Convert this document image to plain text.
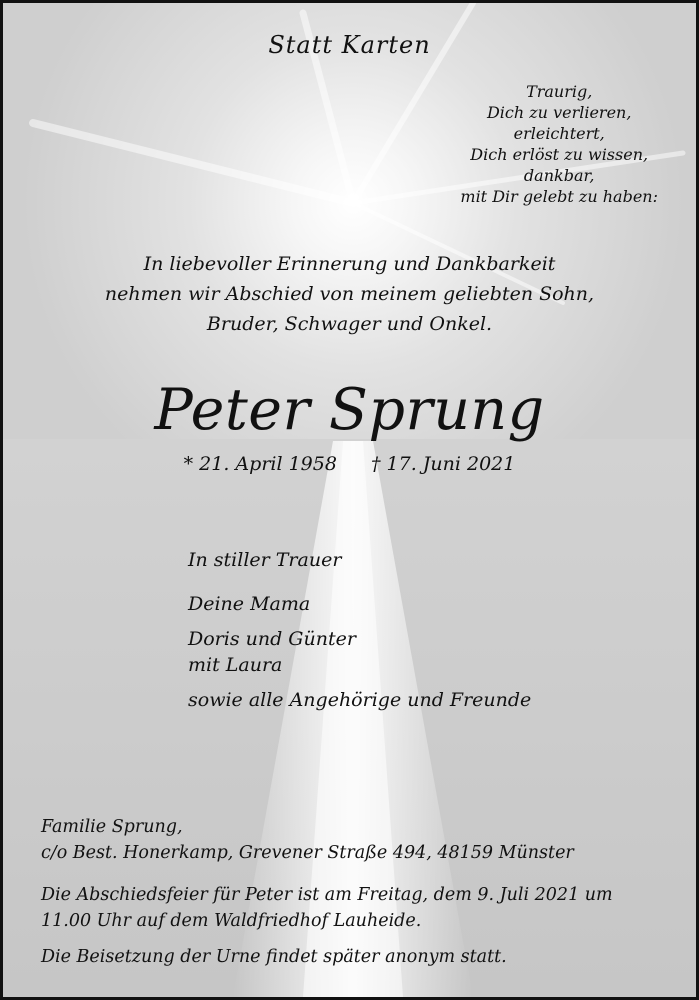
Statt Karten
Traurig,
Dich zu verlieren,
erleichtert,
Dich erlöst zu wissen,
dankbar,
mit Dir gelebt zu haben:
In liebevoller Erinnerung und Dankbarkeit
nehmen wir Abschied von meinem geliebten Sohn,
Bruder, Schwager und Onkel.
Peter Sprung
* 21. April 1958 † 17. Juni 2021
In stiller Trauer
Deine Mama
Doris und Günter
mit Laura
sowie alle Angehörige und Freunde
Familie Sprung,
c/o Best. Honerkamp, Grevener Straße 494, 48159 Münster
Die Abschiedsfeier für Peter ist am Freitag, dem 9. Juli 2021 um
11.00 Uhr auf dem Waldfriedhof Lauheide.
Die Beisetzung der Urne findet später anonym statt.
